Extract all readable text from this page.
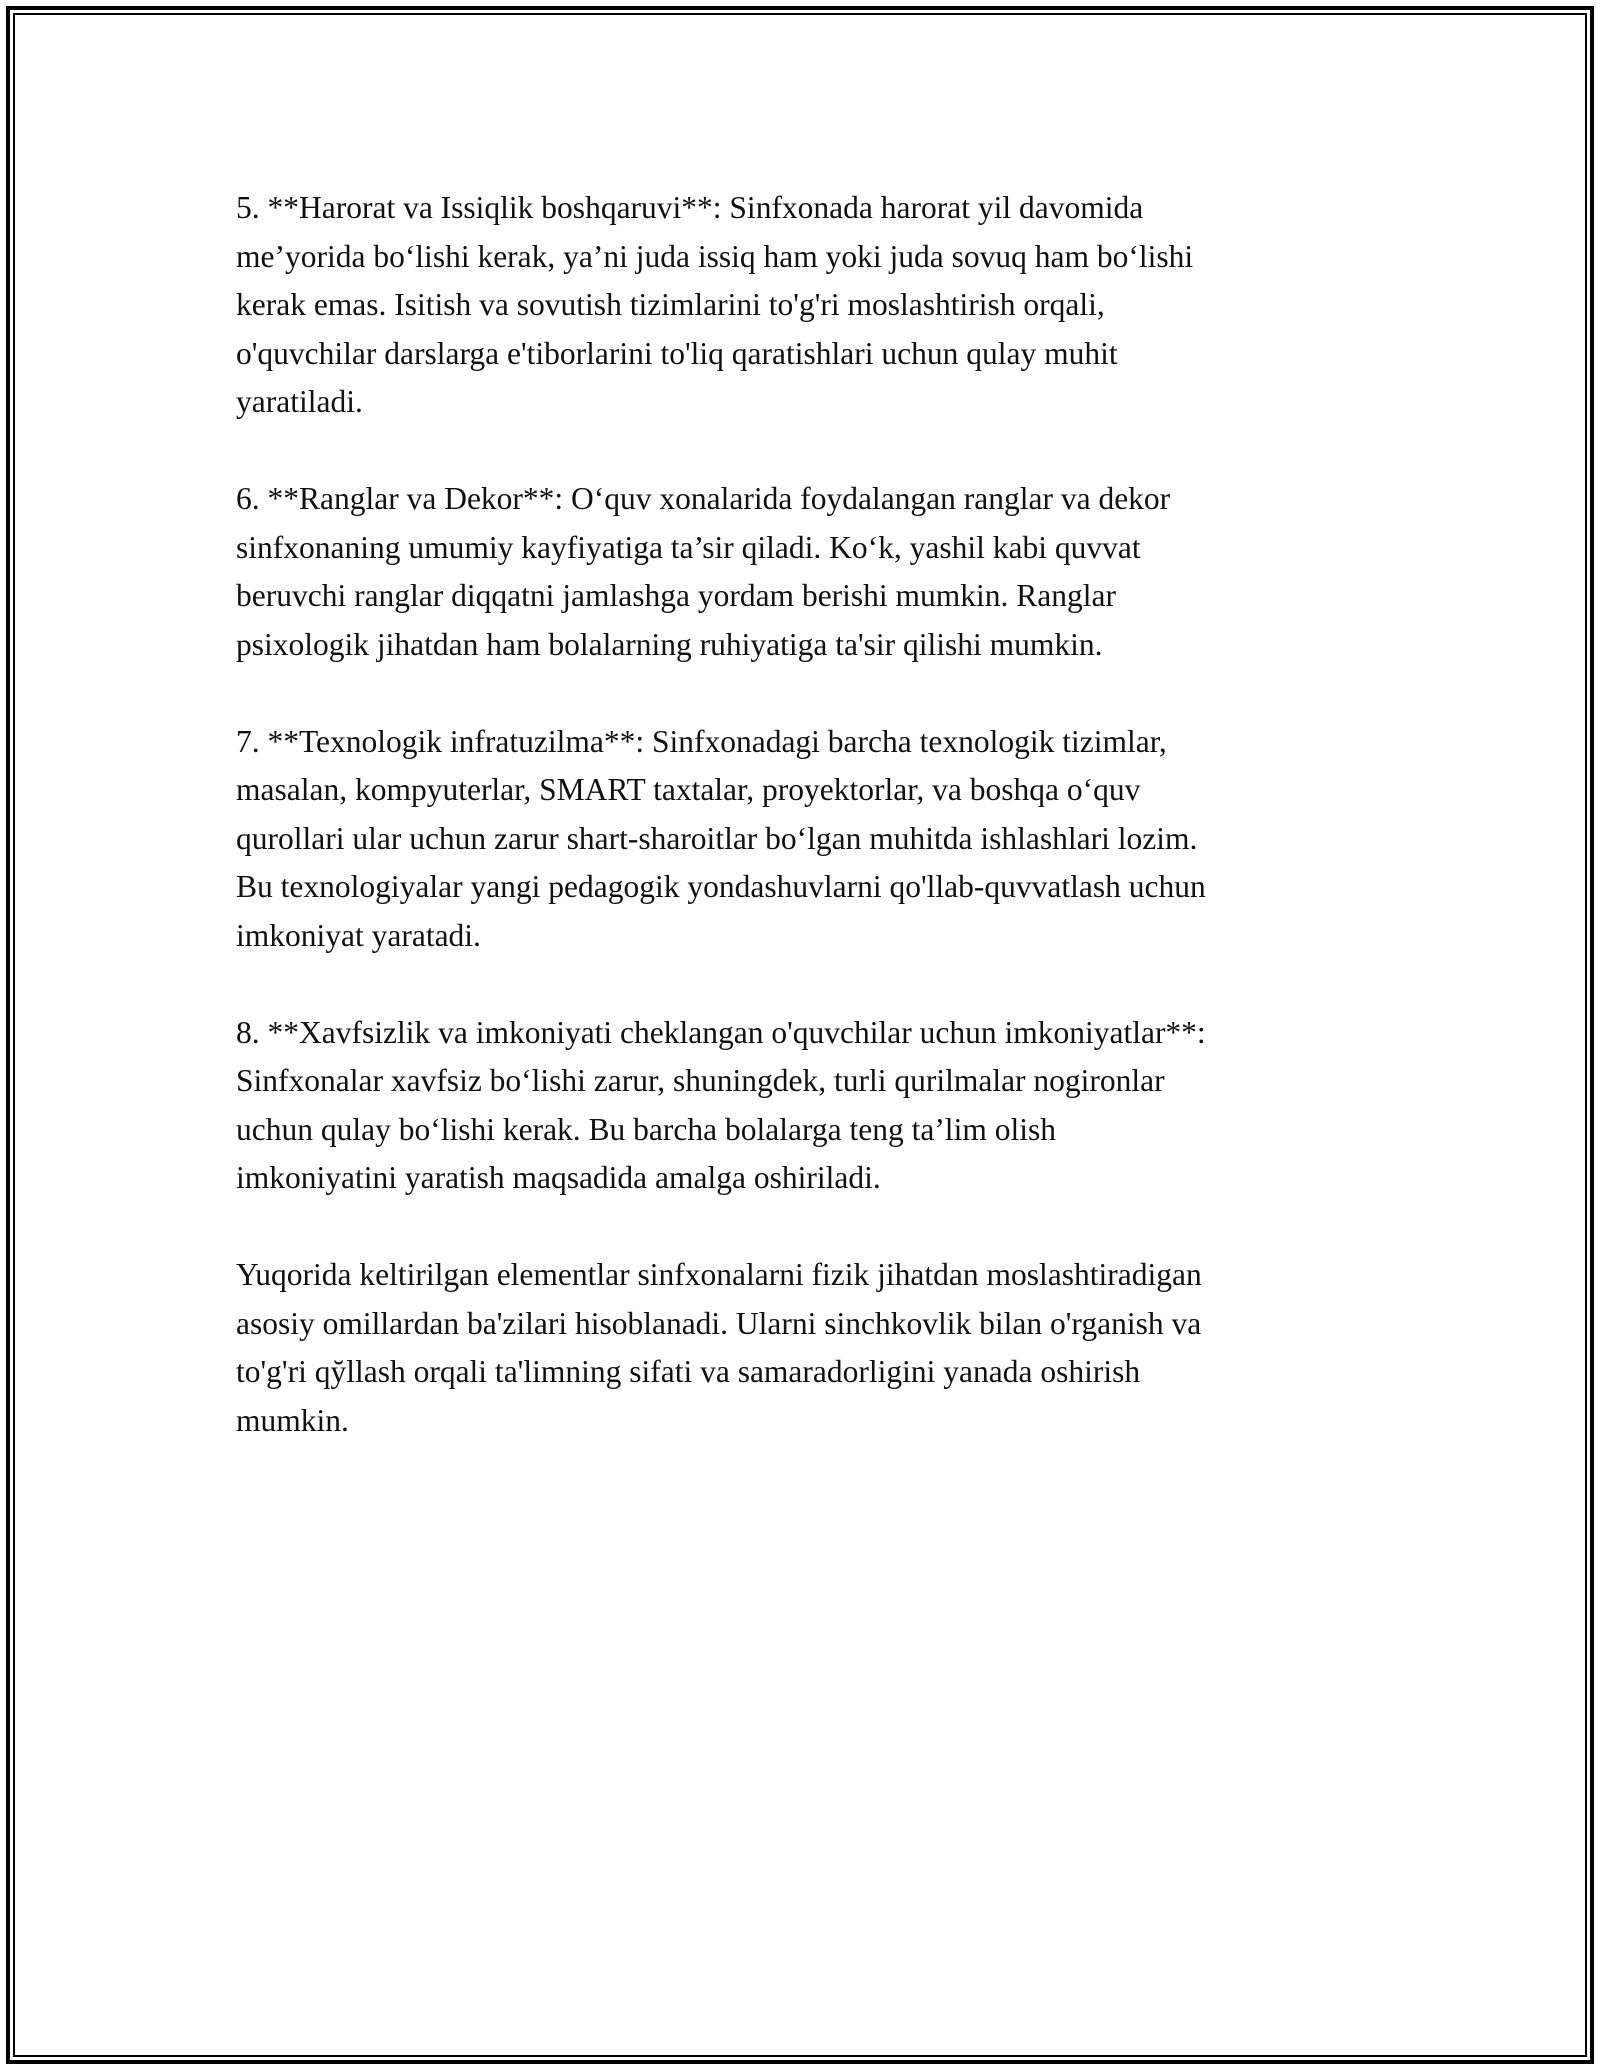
5. **Harorat va Issiqlik boshqaruvi**: Sinfxonada harorat yil davomida
me’yorida bo‘lishi kerak, ya’ni juda issiq ham yoki juda sovuq ham bo‘lishi
kerak emas. Isitish va sovutish tizimlarini to'g'ri moslashtirish orqali,
o'quvchilar darslarga e'tiborlarini to'liq qaratishlari uchun qulay muhit
yaratiladi.

6. **Ranglar va Dekor**: O‘quv xonalarida foydalangan ranglar va dekor
sinfxonaning umumiy kayfiyatiga ta’sir qiladi. Ko‘k, yashil kabi quvvat
beruvchi ranglar diqqatni jamlashga yordam berishi mumkin. Ranglar
psixologik jihatdan ham bolalarning ruhiyatiga ta'sir qilishi mumkin.

7. **Texnologik infratuzilma**: Sinfxonadagi barcha texnologik tizimlar,
masalan, kompyuterlar, SMART taxtalar, proyektorlar, va boshqa o‘quv
qurollari ular uchun zarur shart-sharoitlar bo‘lgan muhitda ishlashlari lozim.
Bu texnologiyalar yangi pedagogik yondashuvlarni qo'llab-quvvatlash uchun
imkoniyat yaratadi.

8. **Xavfsizlik va imkoniyati cheklangan o'quvchilar uchun imkoniyatlar**:
Sinfxonalar xavfsiz bo‘lishi zarur, shuningdek, turli qurilmalar nogironlar
uchun qulay bo‘lishi kerak. Bu barcha bolalarga teng ta’lim olish
imkoniyatini yaratish maqsadida amalga oshiriladi.

Yuqorida keltirilgan elementlar sinfxonalarni fizik jihatdan moslashtiradigan
asosiy omillardan ba'zilari hisoblanadi. Ularni sinchkovlik bilan o'rganish va
to'g'ri qy̆llash orqali ta'limning sifati va samaradorligini yanada oshirish
mumkin.
